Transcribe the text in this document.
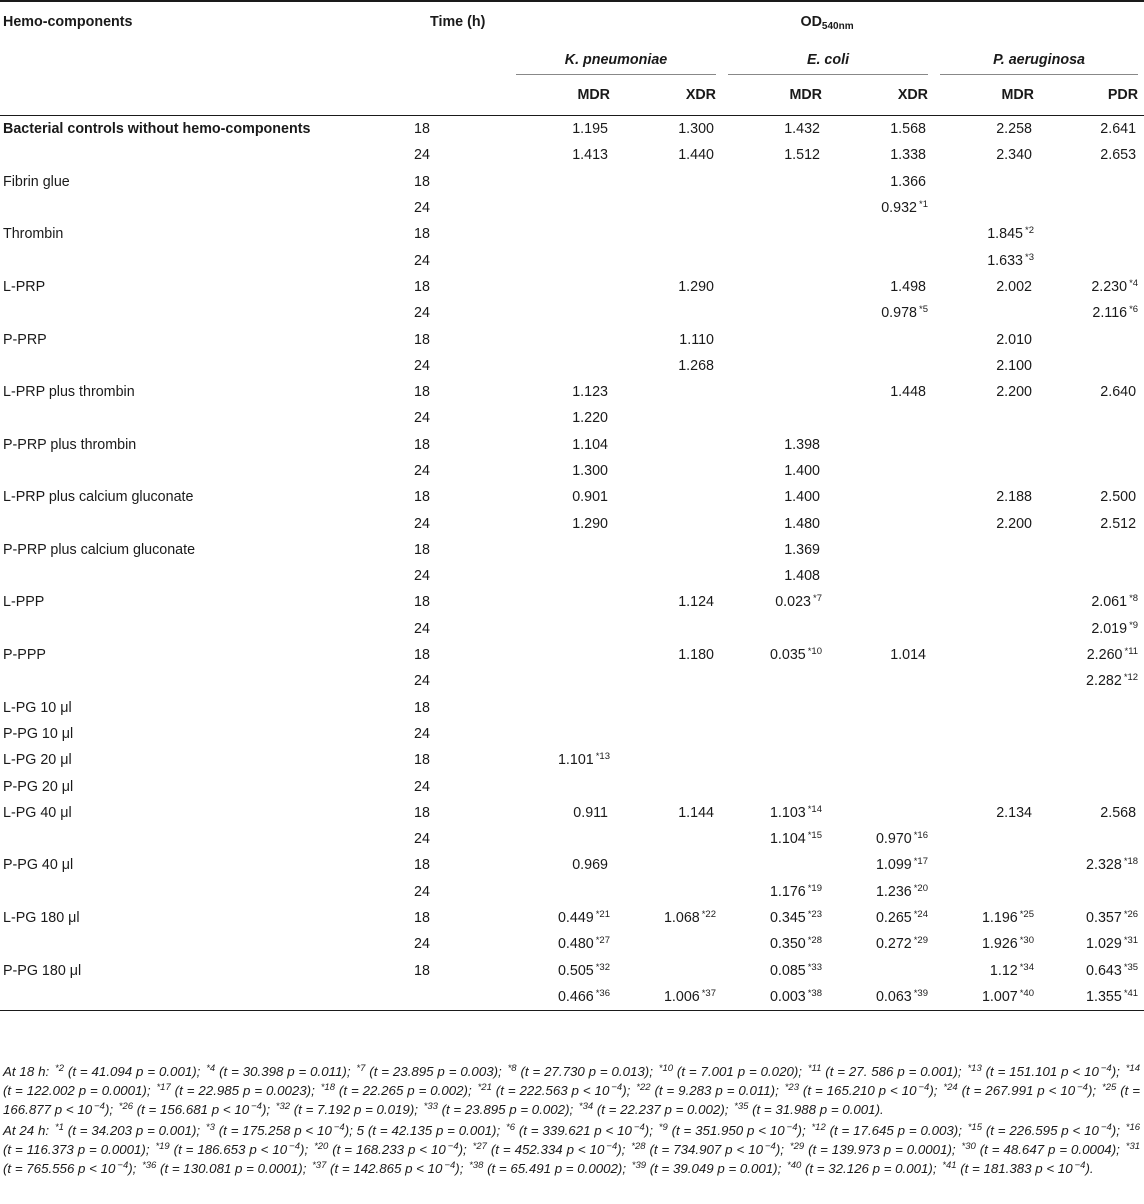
Hemo-components	Time (h)	$OD_{540nm}$
		K. pneumoniae		E. coli		P. aeruginosa	

		MDR	XDR	MDR	XDR	MDR	PDR

Bacterial controls without hemo-components	18	1.195	1.300	1.432	1.568	2.258	2.641
	24	1.413	1.440	1.512	1.338	2.340	2.653
Fibrin glue	18				1.366		
	24				0.932 $^{*1}$		
Thrombin	18					1.845 $^{*2}$	
	24					1.633 $^{*3}$	
L-PRP	18		1.290		1.498	2.002	2.230 $^{*4}$
	24				0.978 $^{*5}$		2.116 $^{*6}$
P-PRP	18		1.110			2.010	
	24		1.268			2.100	
L-PRP plus thrombin	18	1.123			1.448	2.200	2.640
	24	1.220					
P-PRP plus thrombin	18	1.104		1.398			
	24	1.300		1.400			
L-PRP plus calcium gluconate	18	0.901		1.400		2.188	2.500
	24	1.290		1.480		2.200	2.512
P-PRP plus calcium gluconate	18			1.369			
	24			1.408			
L-PPP	18		1.124	0.023 $^{*7}$			2.061 $^{*8}$
	24						2.019 $^{*9}$
P-PPP	18		1.180	0.035 $^{*10}$	1.014		2.260 $^{*11}$
	24						2.282 $^{*12}$
L-PG 10 μl	18						
P-PG 10 μl	24						
L-PG 20 μl	18	1.101 $^{*13}$					
P-PG 20 μl	24						
L-PG 40 μl	18	0.911	1.144	1.103 $^{*14}$		2.134	2.568
	24			1.104 $^{*15}$	0.970 $^{*16}$		
P-PG 40 μl	18	0.969			1.099 $^{*17}$		2.328 $^{*18}$
	24			1.176 $^{*19}$	1.236 $^{*20}$		
L-PG 180 μl	18	0.449 $^{*21}$	1.068 $^{*22}$	0.345 $^{*23}$	0.265 $^{*24}$	1.196 $^{*25}$	0.357 $^{*26}$
	24	0.480 $^{*27}$		0.350 $^{*28}$	0.272 $^{*29}$	1.926 $^{*30}$	1.029 $^{*31}$
P-PG 180 μl	18	0.505 $^{*32}$		0.085 $^{*33}$		1.12 $^{*34}$	0.643 $^{*35}$
		0.466 $^{*36}$	1.006 $^{*37}$	0.003 $^{*38}$	0.063 $^{*39}$	1.007 $^{*40}$	1.355 $^{*41}$

At 18 h: $^{*2}$ (t = 41.094 p = 0.001); $^{*4}$ (t = 30.398 p = 0.011); $^{*7}$ (t = 23.895 p = 0.003); $^{*8}$ (t = 27.730 p = 0.013); $^{*10}$ (t = 7.001 p = 0.020); $^{*11}$ (t = 27. 586 p = 0.001); $^{*13}$ (t = 151.101 p < 10 $^{-4}$); $^{*14}$ (t = 122.002 p = 0.0001); $^{*17}$ (t = 22.985 p = 0.0023); $^{*18}$ (t = 22.265 p = 0.002); $^{*21}$ (t = 222.563 p < 10 $^{-4}$); $^{*22}$ (t = 9.283 p = 0.011); $^{*23}$ (t = 165.210 p < 10 $^{-4}$); $^{*24}$ (t = 267.991 p < 10 $^{-4}$); $^{*25}$ (t = 166.877 p < 10 $^{-4}$); $^{*26}$ (t = 156.681 p < 10 $^{-4}$); $^{*32}$ (t = 7.192 p = 0.019); $^{*33}$ (t = 23.895 p = 0.002); $^{*34}$ (t = 22.237 p = 0.002); $^{*35}$ (t = 31.988 p = 0.001).

At 24 h: $^{*1}$ (t = 34.203 p = 0.001); $^{*3}$ (t = 175.258 p < 10 $^{-4}$); 5 (t = 42.135 p = 0.001); $^{*6}$ (t = 339.621 p < 10 $^{-4}$); $^{*9}$ (t = 351.950 p < 10 $^{-4}$); $^{*12}$ (t = 17.645 p = 0.003); $^{*15}$ (t = 226.595 p < 10 $^{-4}$); $^{*16}$ (t = 116.373 p = 0.0001); $^{*19}$ (t = 186.653 p < 10 $^{-4}$); $^{*20}$ (t = 168.233 p < 10 $^{-4}$); $^{*27}$ (t = 452.334 p < 10 $^{-4}$); $^{*28}$ (t = 734.907 p < 10 $^{-4}$); $^{*29}$ (t = 139.973 p = 0.0001); $^{*30}$ (t = 48.647 p = 0.0004); $^{*31}$ (t = 765.556 p < 10 $^{-4}$); $^{*36}$ (t = 130.081 p = 0.0001); $^{*37}$ (t = 142.865 p < 10 $^{-4}$); $^{*38}$ (t = 65.491 p = 0.0002); $^{*39}$ (t = 39.049 p = 0.001); $^{*40}$ (t = 32.126 p = 0.001); $^{*41}$ (t = 181.383 p < 10 $^{-4}$).
